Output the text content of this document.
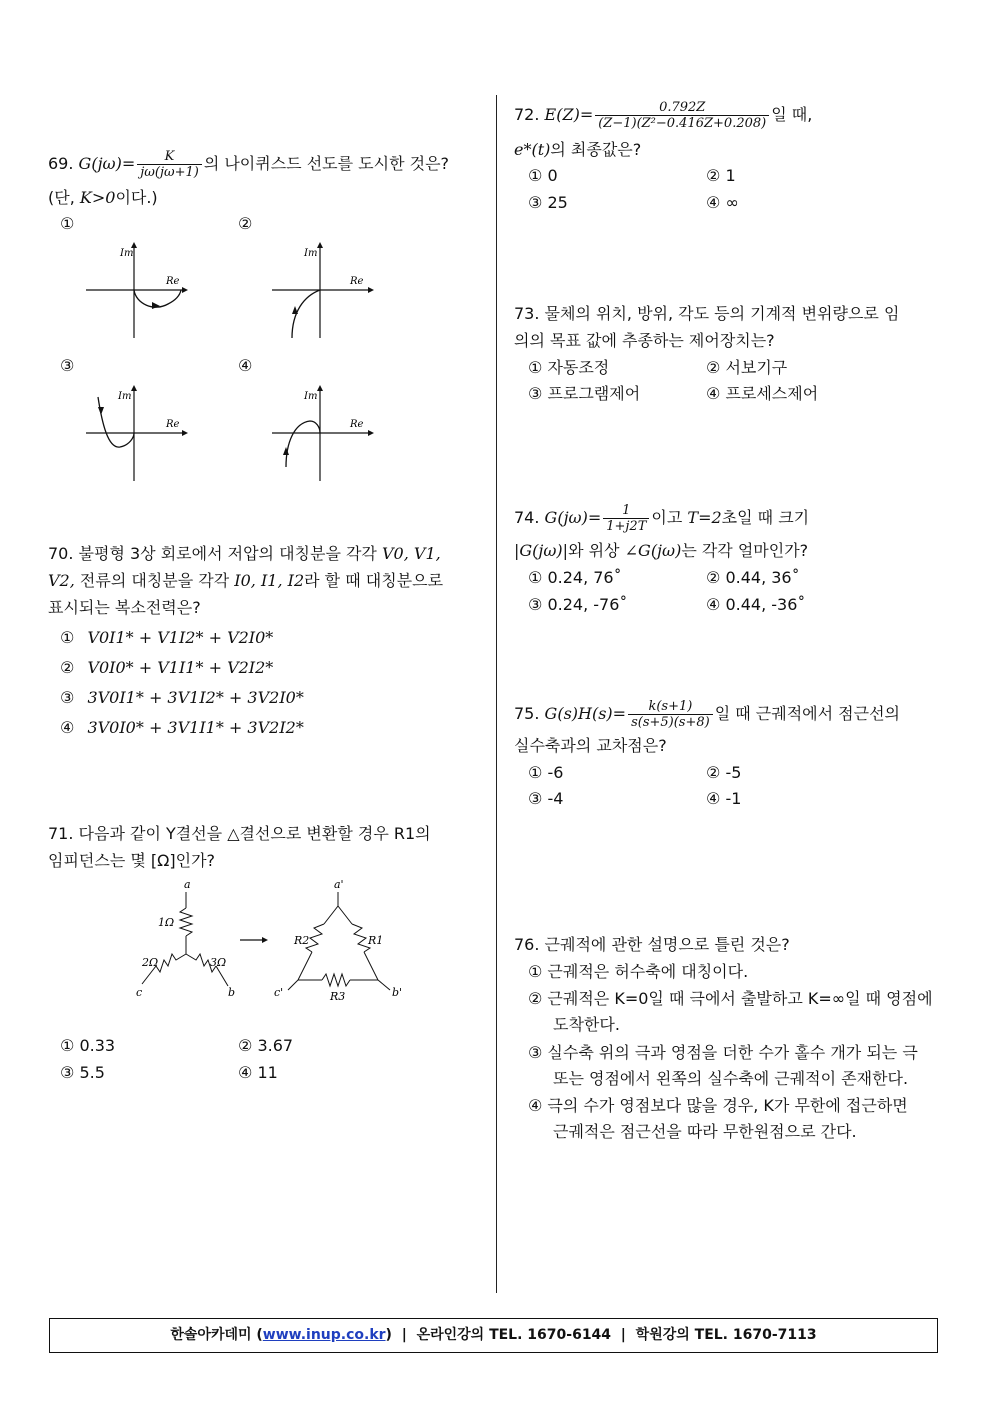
69. $G(j\omega)= \frac{K}{j\omega(j\omega+1)}$ 의 나이퀴스드 선도를 도시한 것은?
(단, K>0이다.)
①	②
③	④
Im
Re
Im
Re
Im
Re
Im
Re
70. 불평형 3상 회로에서 저압의 대칭분을 각각 V0, V1,
V2, 전류의 대칭분을 각각 I0, I1, I2라 할 때 대칭분으로
표시되는 복소전력은?
① V0I1* + V1I2* + V2I0*
② V0I0* + V1I1* + V2I2*
③ 3V0I1* + 3V1I2* + 3V2I0*
④ 3V0I0* + 3V1I1* + 3V2I2*
71. 다음과 같이 Y결선을 △결선으로 변환할 경우 R1의
임피던스는 몇 [Ω]인가?
a
1Ω
c
2Ω
b
3Ω
a'
c'	b'
R2	R1
R3
① 0.33	② 3.67
③ 5.5	④ 11
72. $E(Z)= \frac{0.792Z}{\text{(Z−1)(Z²−0.416Z+0.208)}}$ 일 때,
e*(t)의 최종값은?
① 0	② 1
③ 25	④ ∞
73. 물체의 위치, 방위, 각도 등의 기계적 변위량으로 임
의의 목표 값에 추종하는 제어장치는?
① 자동조정	② 서보기구
③ 프로그램제어	④ 프로세스제어
74. $G(j\omega)= \frac{1}{1+j2T}$ 이고 T=2초일 때 크기
|G(jω)|와 위상 ∠G(jω)는 각각 얼마인가?
① 0.24, 76˚	② 0.44, 36˚
③ 0.24, -76˚	④ 0.44, -36˚
75. $G(s)H(s)= \frac{k(s+1)}{s(s+5)(s+8)}$ 일 때 근궤적에서 점근선의
실수축과의 교차점은?
① -6	② -5
③ -4	④ -1
76. 근궤적에 관한 설명으로 틀린 것은?
① 근궤적은 허수축에 대칭이다.
② 근궤적은 K=0일 때 극에서 출발하고 K=∞일 때 영점에
도착한다.
③ 실수축 위의 극과 영점을 더한 수가 홀수 개가 되는 극
또는 영점에서 왼쪽의 실수축에 근궤적이 존재한다.
④ 극의 수가 영점보다 많을 경우, K가 무한에 접근하면
근궤적은 점근선을 따라 무한원점으로 간다.
한솔아카데미 (www.inup.co.kr) | 온라인강의 TEL. 1670-6144 | 학원강의 TEL. 1670-7113
